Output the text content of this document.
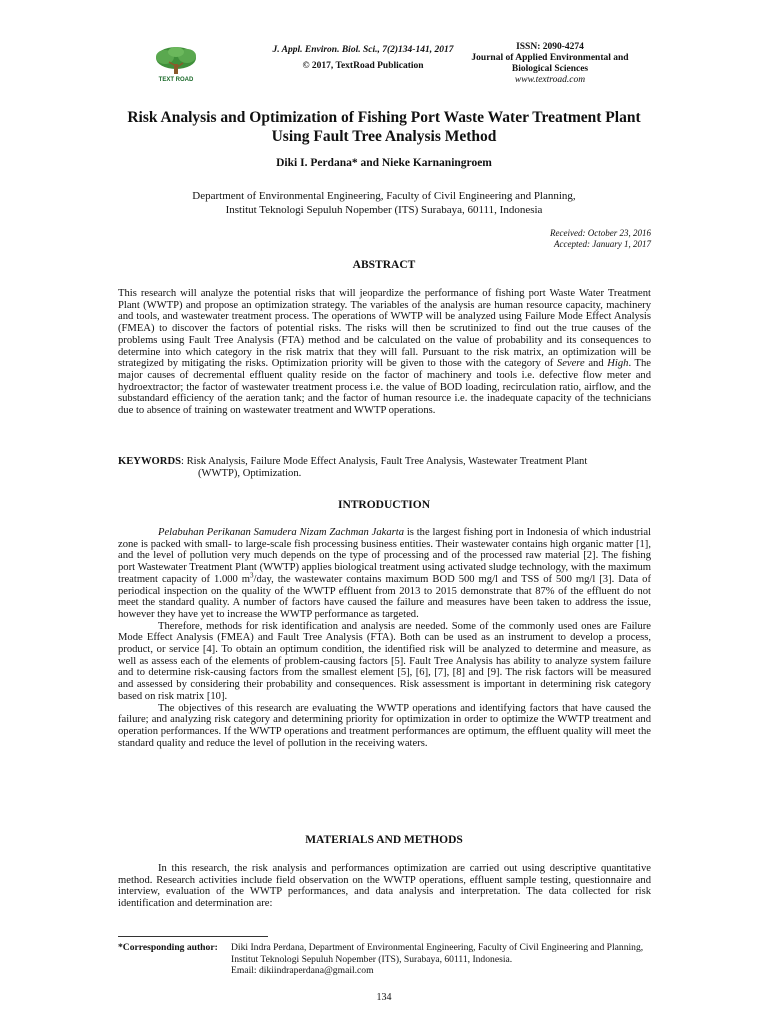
TEXT ROAD
J. Appl. Environ. Biol. Sci., 7(2)134-141, 2017
© 2017, TextRoad Publication
ISSN: 2090-4274
Journal of Applied Environmental and Biological Sciences
www.textroad.com
Risk Analysis and Optimization of Fishing Port Waste Water Treatment Plant Using Fault Tree Analysis Method
Diki I. Perdana* and Nieke Karnaningroem
Department of Environmental Engineering, Faculty of Civil Engineering and Planning,
Institut Teknologi Sepuluh Nopember (ITS) Surabaya, 60111, Indonesia
Received: October 23, 2016
Accepted: January 1, 2017
ABSTRACT
This research will analyze the potential risks that will jeopardize the performance of fishing port Waste Water Treatment Plant (WWTP) and propose an optimization strategy. The variables of the analysis are human resource capacity, machinery and tools, and wastewater treatment process. The operations of WWTP will be analyzed using Failure Mode Effect Analysis (FMEA) to discover the factors of potential risks. The risks will then be scrutinized to find out the true causes of the problems using Fault Tree Analysis (FTA) method and be calculated on the value of probability and its consequences to determine into which category in the risk matrix that they will fall. Pursuant to the risk matrix, an optimization will be strategized by mitigating the risks. Optimization priority will be given to those with the category of Severe and High. The major causes of decremental effluent quality reside on the factor of machinery and tools i.e. defective flow meter and hydroextractor; the factor of wastewater treatment process i.e. the value of BOD loading, recirculation ratio, airflow, and the substandard efficiency of the aeration tank; and the factor of human resource i.e. the inadequate capacity of the technicians due to absence of training on wastewater treatment and WWTP operations.
KEYWORDS: Risk Analysis, Failure Mode Effect Analysis, Fault Tree Analysis, Wastewater Treatment Plant
(WWTP), Optimization.
INTRODUCTION

Pelabuhan Perikanan Samudera Nizam Zachman Jakarta is the largest fishing port in Indonesia of which industrial zone is packed with small- to large-scale fish processing business entities. Their wastewater contains high organic matter [1], and the level of pollution very much depends on the type of processing and of the processed raw material [2]. The fishing port Wastewater Treatment Plant (WWTP) applies biological treatment using activated sludge technology, with the maximum treatment capacity of 1.000 $m^3$/day, the wastewater contains maximum BOD 500 mg/l and TSS of 500 mg/l [3]. Data of periodical inspection on the quality of the WWTP effluent from 2013 to 2015 demonstrate that 87% of the effluent do not meet the standard quality. A number of factors have caused the failure and measures have been taken to address the issue, however they have yet to increase the WWTP performance as targeted.

Therefore, methods for risk identification and analysis are needed. Some of the commonly used ones are Failure Mode Effect Analysis (FMEA) and Fault Tree Analysis (FTA). Both can be used as an instrument to develop a process, product, or service [4]. To obtain an optimum condition, the identified risk will be analyzed to determine and measure, as well as assess each of the elements of problem-causing factors [5]. Fault Tree Analysis has ability to analyze system failure and to determine risk-causing factors from the smallest element [5], [6], [7], [8] and [9]. The risk factors will be measured and assessed by considering their probability and consequences. Risk assessment is important in determining risk category based on risk matrix [10].

The objectives of this research are evaluating the WWTP operations and identifying factors that have caused the failure; and analyzing risk category and determining priority for optimization in order to optimize the WWTP treatment and operation performances. If the WWTP operations and treatment performances are optimum, the effluent quality will meet the standard quality and reduce the level of pollution in the receiving waters.

MATERIALS AND METHODS

In this research, the risk analysis and performances optimization are carried out using descriptive quantitative method. Research activities include field observation on the WWTP operations, effluent sample testing, questionnaire and interview, evaluation of the WWTP performances, and data analysis and interpretation. The data collected for risk identification and determination are:

*Corresponding author: Diki Indra Perdana, Department of Environmental Engineering, Faculty of Civil Engineering and Planning, Institut Teknologi Sepuluh Nopember (ITS), Surabaya, 60111, Indonesia.
Email: dikiindraperdana@gmail.com
134
